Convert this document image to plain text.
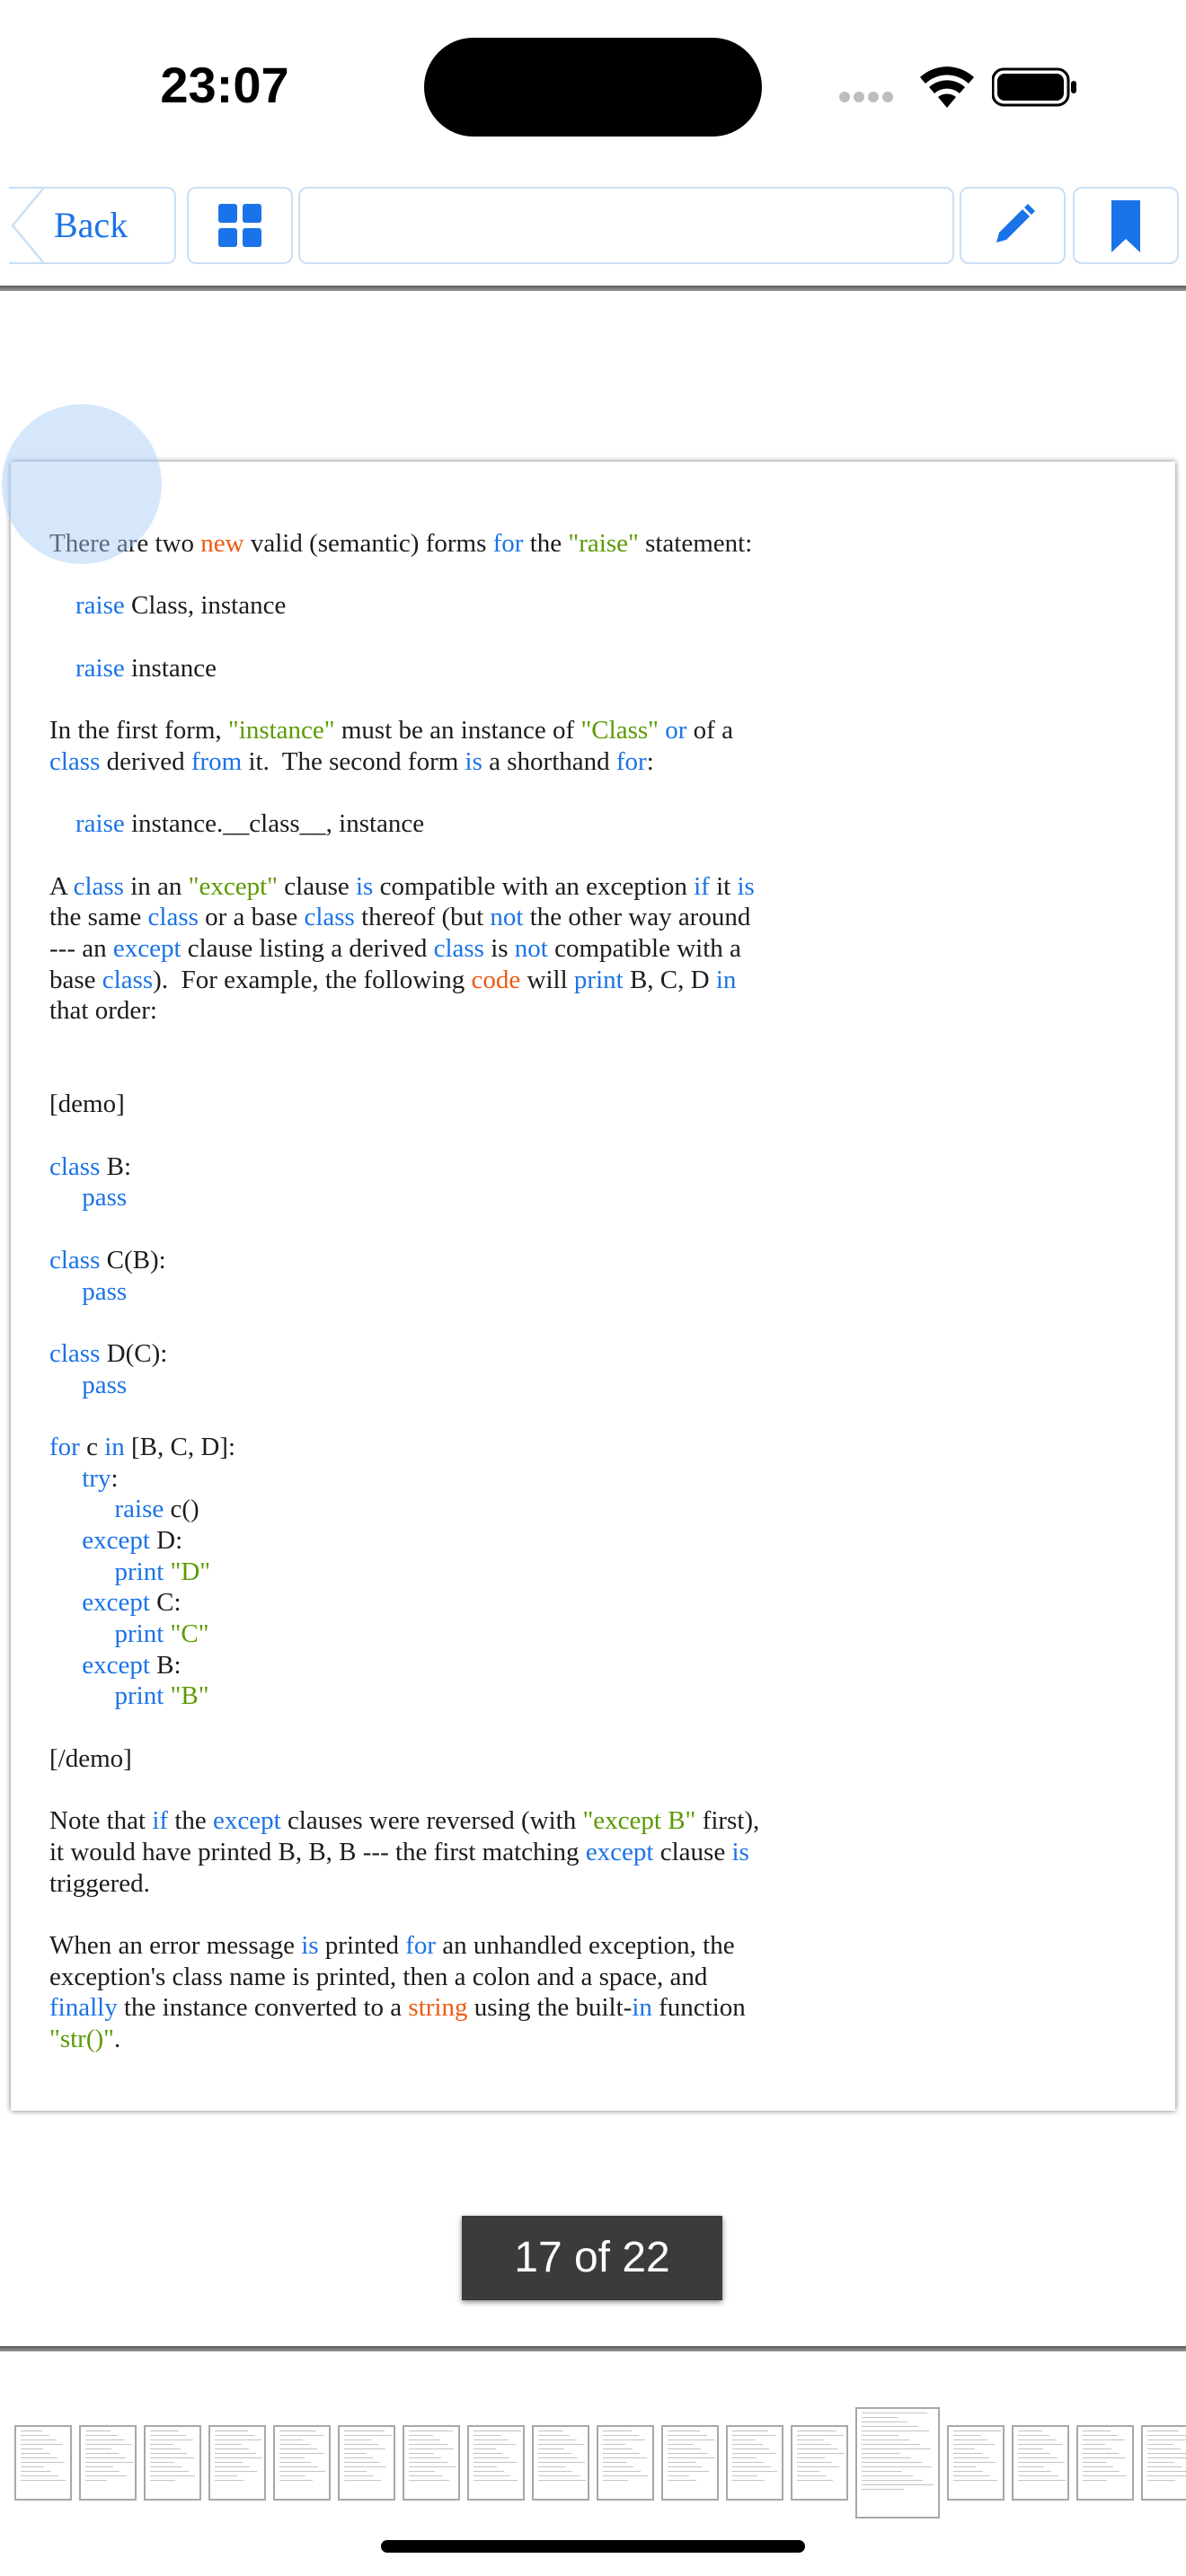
23:07
Back
There are two new valid (semantic) forms for the "raise" statement:
raise Class, instance
raise instance
In the first form, "instance" must be an instance of "Class" or of a
class derived from it.  The second form is a shorthand for:
raise instance.__class__, instance
A class in an "except" clause is compatible with an exception if it is
the same class or a base class thereof (but not the other way around
--- an except clause listing a derived class is not compatible with a
base class).  For example, the following code will print B, C, D in
that order:
[demo]
class B:
pass
class C(B):
pass
class D(C):
pass
for c in [B, C, D]:
try:
raise c()
except D:
print "D"
except C:
print "C"
except B:
print "B"
[/demo]
Note that if the except clauses were reversed (with "except B" first),
it would have printed B, B, B --- the first matching except clause is
triggered.
When an error message is printed for an unhandled exception, the
exception's class name is printed, then a colon and a space, and
finally the instance converted to a string using the built-in function
"str()".
17 of 22
